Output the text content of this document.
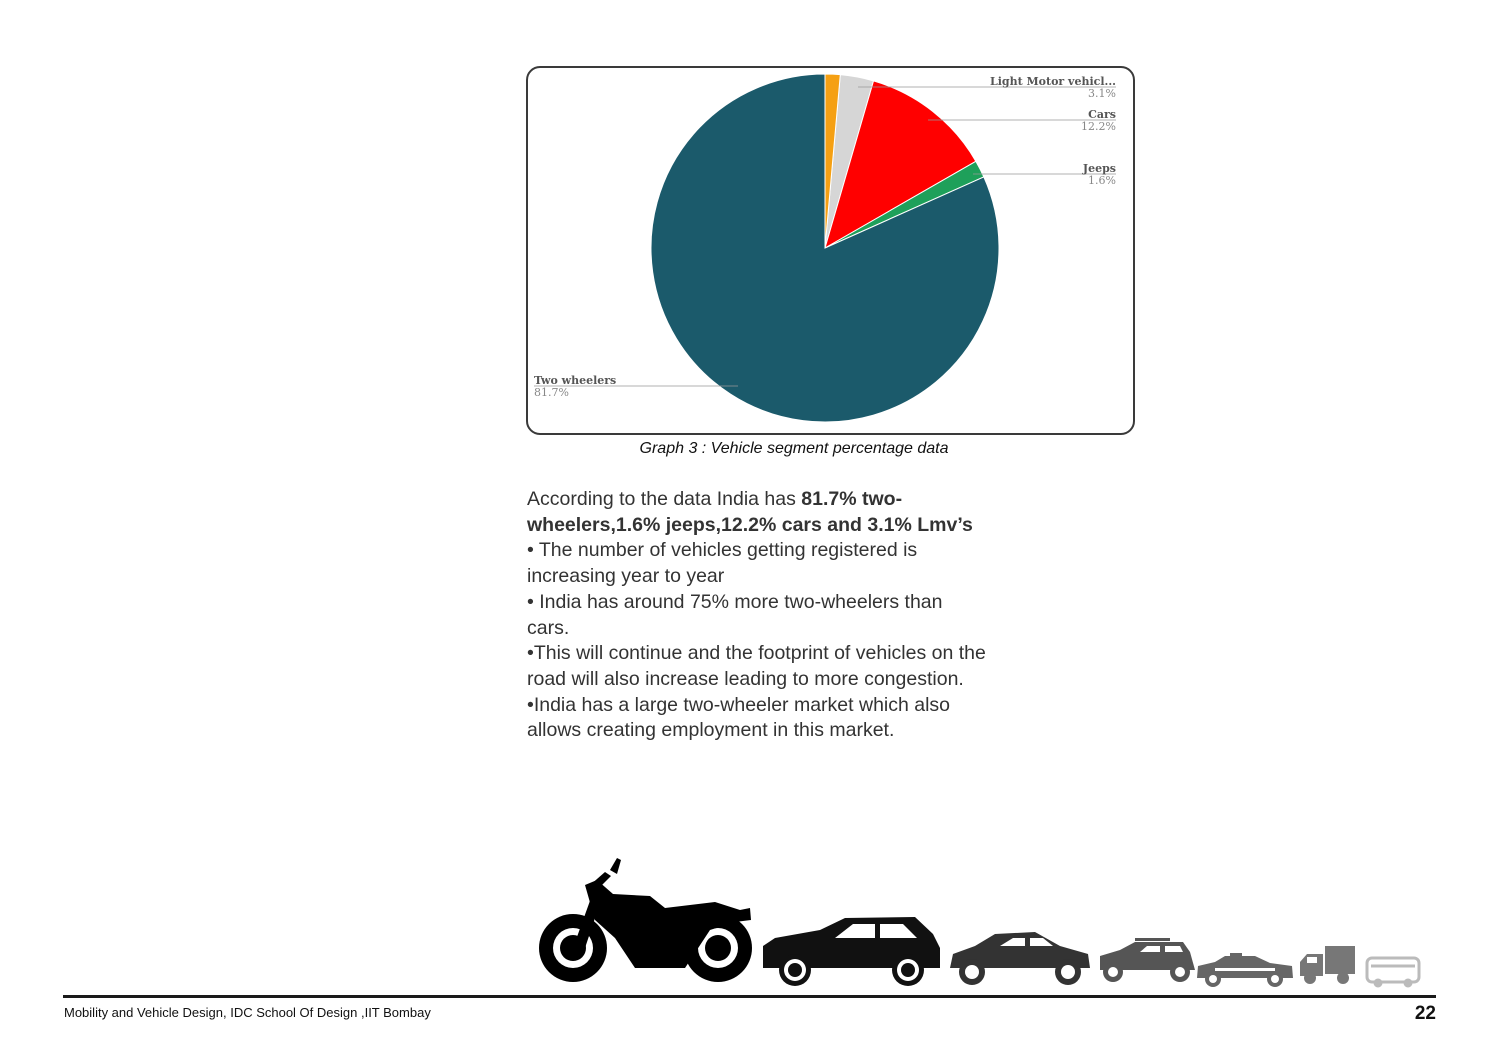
Light Motor vehicl...
3.1%
Cars
12.2%
Jeeps
1.6%
Two wheelers
81.7%
Graph 3 : Vehicle segment percentage data

According to the data India has 81.7% two-wheelers,1.6% jeeps,12.2% cars and 3.1% Lmv’s

• The number of vehicles getting registered is increasing year to year

• India has around 75% more two-wheelers than cars.

•This will continue and the footprint of vehicles on the road will also increase leading to more congestion.

•India has a large two-wheeler market which also allows creating employment in this market.

Mobility and Vehicle Design, IDC School Of Design ,IIT Bombay	22
